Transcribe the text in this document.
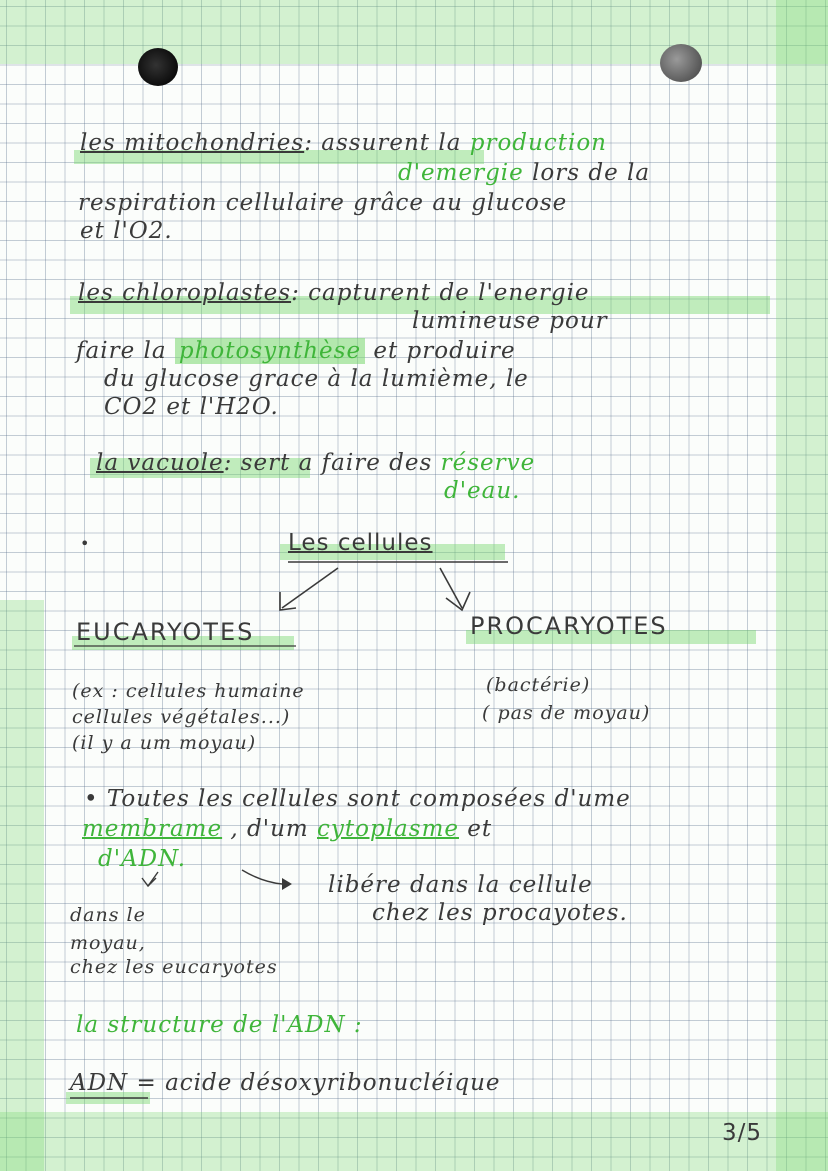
les mitochondries: assurent la production
d'emergie lors de la
respiration cellulaire grâce au glucose
et l'O2.
les chloroplastes: capturent de l'energie
lumineuse pour
faire la photosynthèse et produire
du glucose grace à la lumième, le
CO2 et l'H2O.
la vacuole: sert a faire des réserve
d'eau.
•	Les cellules
EUCARYOTES	PROCARYOTES
(ex : cellules humaine
cellules végétales...)
(il y a um moyau)
(bactérie)
( pas de moyau)
• Toutes les cellules sont composées d'ume
membrame , d'um cytoplasme et
d'ADN.
libére dans la cellule
chez les procayotes.
dans le
moyau,
chez les eucaryotes
la structure de l'ADN :
ADN = acide désoxyribonucléique
3/5
